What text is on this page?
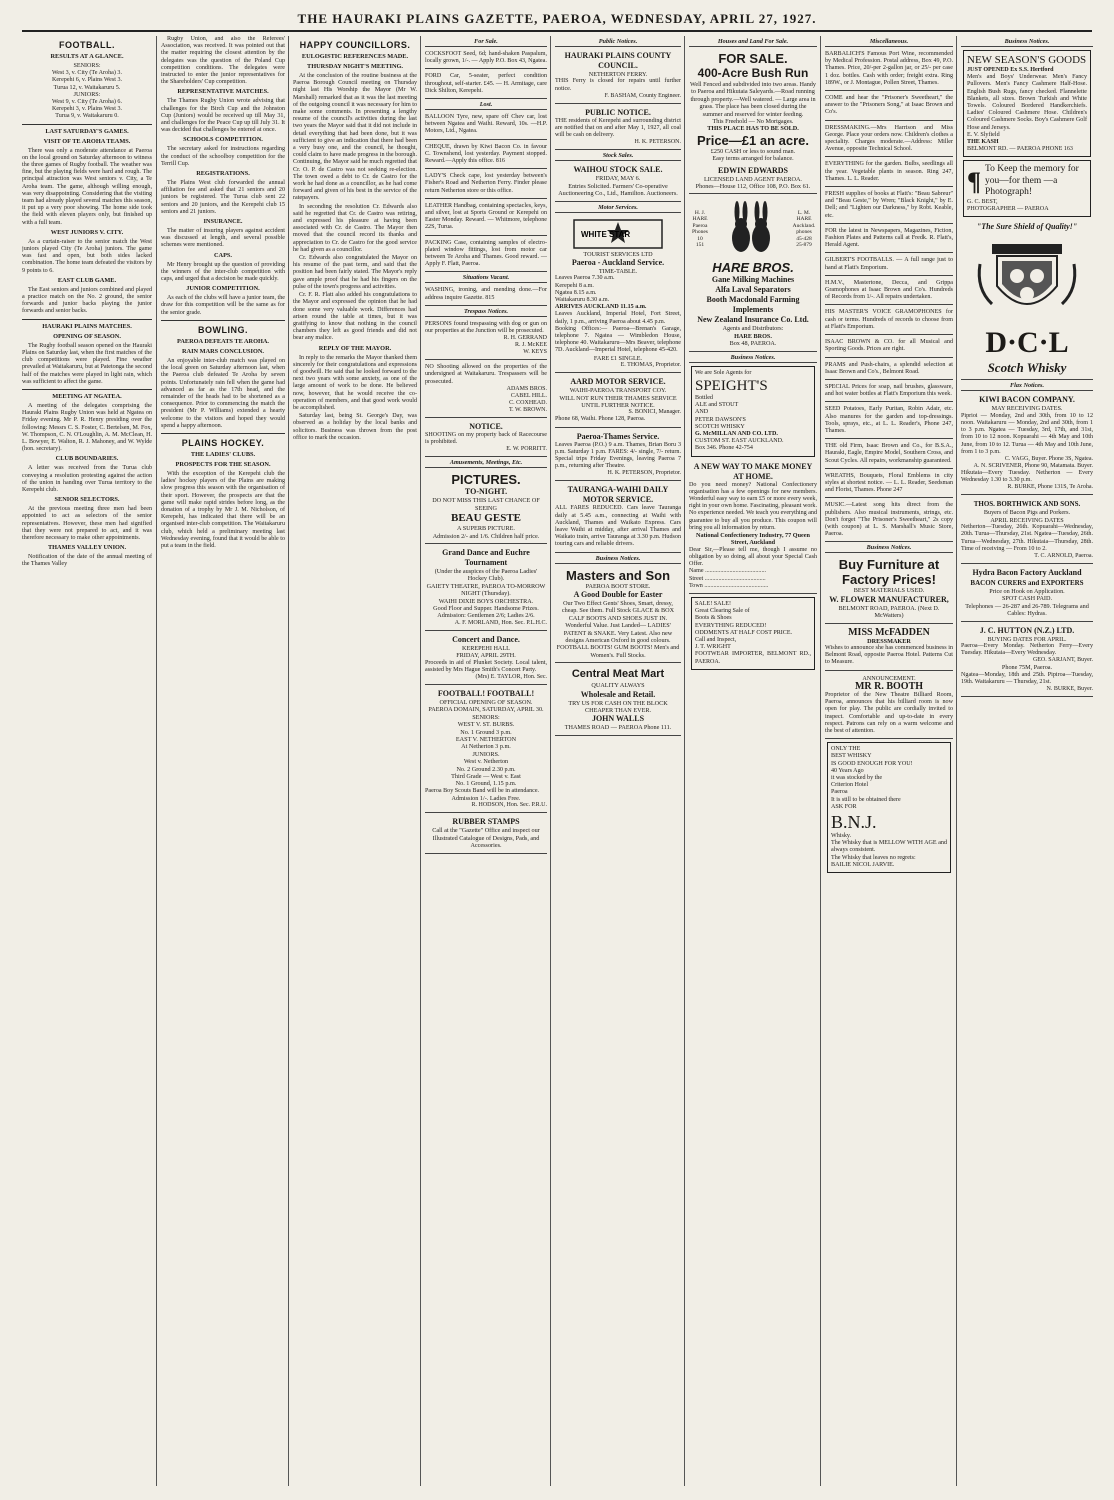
THE HAURAKI PLAINS GAZETTE, PAEROA, WEDNESDAY, APRIL 27, 1927.
FOOTBALL.
RESULTS AT A GLANCE.
SENIORS:
West 3, v. City (Te Aroha) 3.
Kerepehi 6, v. Plains West 3.
Turua 12, v. Waitakaruru 5.
JUNIORS:
West 9, v. City (Te Aroha) 6.
Kerepehi 3, v. Plains West 3.
Turua 9, v. Waitakaruru 0.
LAST SATURDAY'S GAMES.
VISIT OF TE AROHA TEAMS.

There was only a moderate attendance at Paeroa on the local ground on Saturday afternoon to witness the three games of Rugby football. The weather was fine, but the playing fields were hard and rough. The principal attraction was West seniors v. City, a Te Aroha team. The game, although willing enough, was very disappointing. Considering that the visiting team had already played several matches this season, it put up a very poor showing. The home side took the field with eleven players only, but finished up with a full team.

WEST JUNIORS V. CITY.

As a curtain-raiser to the senior match the West juniors played City (Te Aroha) juniors. The game was fast and open, but both sides lacked combination. The home team defeated the visitors by 9 points to 6.

EAST CLUB GAME.

The East seniors and juniors combined and played a practice match on the No. 2 ground, the senior forwards and junior backs playing the junior forwards and senior backs.

HAURAKI PLAINS MATCHES.
OPENING OF SEASON.

The Rugby football season opened on the Hauraki Plains on Saturday last, when the first matches of the club competitions were played. Fine weather prevailed at Waitakaruru, but at Patetonga the second half of the matches were played in light rain, which was sufficient to affect the game.

MEETING AT NGATEA.

A meeting of the delegates comprising the Hauraki Plains Rugby Union was held at Ngatea on Friday evening. Mr P. R. Henry presiding over the following: Messrs C. S. Foster, C. Bertelsen, M. Fox, W. Thompson, C. N. O'Loughlin, A. M. McClean, H. L. Bowyer, E. Walton, R. J. Mahoney, and W. Wylde (hon. secretary).

CLUB BOUNDARIES.

A letter was received from the Turua club conveying a resolution protesting against the action of the union in handing over Turua territory to the Kerepehi club.

SENIOR SELECTORS.

At the previous meeting three men had been appointed to act as selectors of the senior representatives. However, these men had signified that they were not prepared to act, and it was therefore necessary to make other appointments.

THAMES VALLEY UNION.

Notification of the date of the annual meeting of the Thames Valley

Rugby Union, and also the Referees' Association, was received. It was pointed out that the matter requiring the closest attention by the delegates was the question of the Poland Cup competition conditions. The delegates were instructed to enter the junior representatives for the Shareholders' Cup competition.

REPRESENTATIVE MATCHES.

The Thames Rugby Union wrote advising that challenges for the Birch Cup and the Johnston Cup (Juniors) would be received up till May 31, and challenges for the Peace Cup up till July 31. It was decided that challenges be entered at once.

SCHOOLS COMPETITION.

The secretary asked for instructions regarding the conduct of the schoolboy competition for the Terrill Cup.

REGISTRATIONS.

The Plains West club forwarded the annual affiliation fee and asked that 21 seniors and 20 juniors be registered. The Turua club sent 22 seniors and 20 juniors, and the Kerepehi club 15 seniors and 21 juniors.

INSURANCE.

The matter of insuring players against accident was discussed at length, and several possible schemes were mentioned.

CAPS.

Mr Henry brought up the question of providing the winners of the inter-club competition with caps, and urged that a decision be made quickly.

JUNIOR COMPETITION.

As each of the clubs will have a junior team, the draw for this competition will be the same as for the senior grade.

BOWLING.
PAEROA DEFEATS TE AROHA.
RAIN MARS CONCLUSION.

An enjoyable inter-club match was played on the local green on Saturday afternoon last, when the Paeroa club defeated Te Aroha by seven points. Unfortunately rain fell when the game had advanced as far as the 17th head, and the remainder of the heads had to be shortened as a consequence. Prior to commencing the match the president (Mr P. Williams) extended a hearty welcome to the visitors and hoped they would spend a happy afternoon.

PLAINS HOCKEY.
THE LADIES' CLUBS.
PROSPECTS FOR THE SEASON.

With the exception of the Kerepehi club the ladies' hockey players of the Plains are making slow progress this season with the organisation of their sport. However, the prospects are that the game will make rapid strides before long, as the donation of a trophy by Mr J. M. Nicholson, of Kerepehi, has indicated that there will be an organised inter-club competition. The Waitakaruru club, which held a preliminary meeting last Wednesday evening, found that it would be able to put a team in the field.

HAPPY COUNCILLORS.
EULOGISTIC REFERENCES MADE.
THURSDAY NIGHT'S MEETING.

At the conclusion of the routine business at the Paeroa Borough Council meeting on Thursday night last His Worship the Mayor (Mr W. Marshall) remarked that as it was the last meeting of the outgoing council it was necessary for him to make some comments. In presenting a lengthy resume of the council's activities during the last two years the Mayor said that it did not include in detail everything that had been done, but it was sufficient to give an indication that there had been a very busy one, and the council, he thought, could claim to have made progress in the borough. Continuing, the Mayor said he much regretted that Cr. O. P. de Castro was not seeking re-election. The town owed a debt to Cr. de Castro for the work he had done as a councillor, as he had come forward and given of his best in the service of the ratepayers.

In seconding the resolution Cr. Edwards also said he regretted that Cr. de Castro was retiring, and expressed his pleasure at having been associated with Cr. de Castro. The Mayor then moved that the council record its thanks and appreciation to Cr. de Castro for the good service he had given as a councillor.

Cr. Edwards also congratulated the Mayor on his resume of the past term, and said that the position had been fairly stated. The Mayor's reply gave ample proof that he had his fingers on the pulse of the town's progress and activities.

Cr. F. R. Flatt also added his congratulations to the Mayor and expressed the opinion that he had done some very valuable work. Differences had arisen round the table at times, but it was gratifying to know that nothing in the council chambers they left as good friends and did not bear any malice.

REPLY OF THE MAYOR.

In reply to the remarks the Mayor thanked them sincerely for their congratulations and expressions of goodwill. He said that he looked forward to the next two years with some anxiety, as one of the large amount of work to be done. He believed now, however, that he would receive the co-operation of members, and that good work would be accomplished.

Saturday last, being St. George's Day, was observed as a holiday by the local banks and solicitors. Business was thrown from the post office to mark the occasion.

For Sale.
COCKSFOOT Seed, 6d; hand-shaken Paspalum, locally grown, 1/-. — Apply P.O. Box 43, Ngatea.
FORD Car, 5-seater, perfect condition throughout, self-starter. £45. — H. Armitage, care Dick Shilton, Kerepehi.
Lost.
BALLOON Tyre, new, spare off Chev car, lost between Ngatea and Waihi. Reward, 10s. —H.P. Motors, Ltd., Ngatea.
CHEQUE, drawn by Kiwi Bacon Co. in favour C. Townshend, lost yesterday. Payment stopped. Reward.—Apply this office. 816
LADY'S Check cape, lost yesterday between's Fisher's Road and Netherton Ferry. Finder please return Netherton store or this office.
LEATHER Handbag, containing spectacles, keys, and silver, lost at Sports Ground or Kerepehi on Easter Monday. Reward. — Whitmore, telephone 22S, Turua.
PACKING Case, containing samples of electro-plated window fittings, lost from motor car between Te Aroha and Thames. Good reward. — Apply F. Flatt, Paeroa.
Situations Vacant.
WASHING, ironing, and mending done.—For address inquire Gazette. 815
Trespass Notices.
PERSONS found trespassing with dog or gun on our properties at the Junction will be prosecuted.
R. H. GERRAND
R. J. McKEE
W. KEYS
NO Shooting allowed on the properties of the undersigned at Waitakaruru. Trespassers will be prosecuted.
ADAMS BROS.
CABEL HILL.
C. COXHEAD.
T. W. BROWN.
NOTICE.
SHOOTING on my property back of Racecourse is prohibited.
E. W. PORRITT.
Amusements, Meetings, Etc.
PICTURES.
TO-NIGHT.
DO NOT MISS THIS LAST CHANCE OF SEEING
BEAU GESTE
A SUPERB PICTURE.
Admission 2/- and 1/6. Children half price.
Grand Dance and Euchre Tournament
(Under the auspices of the Paeroa Ladies' Hockey Club).
GAIETY THEATRE, PAEROA TO-MORROW NIGHT (Thursday).
WAIHI DIXIE BOYS ORCHESTRA.
Good Floor and Supper. Handsome Prizes.
Admission: Gentlemen 2/6; Ladies 2/6.
A. F. MORLAND, Hon. Sec. P.L.H.C.
Concert and Dance.
KEREPEHI HALL
FRIDAY, APRIL 29TH.
Proceeds in aid of Plunket Society. Local talent, assisted by Mrs Hague Smith's Concert Party.
(Mrs) E. TAYLOR, Hon. Sec.
FOOTBALL! FOOTBALL!
OFFICIAL OPENING OF SEASON.
PAEROA DOMAIN, SATURDAY, APRIL 30.
SENIORS:
WEST V. ST. BURBS.
No. 1 Ground 3 p.m.
EAST V. NETHERTON
At Netherton 3 p.m.
JUNIORS.
West v. Netherton
No. 2 Ground 2.30 p.m.
Third Grade — West v. East
No. 1 Ground, 1.15 p.m.
Paeroa Boy Scouts Band will be in attendance.
Admission 1/-. Ladies Free.
R. HODSON, Hon. Sec. P.R.U.
RUBBER STAMPS
Call at the "Gazette" Office and inspect our Illustrated Catalogue of Designs, Pads, and Accessories.
Public Notices.
HAURAKI PLAINS COUNTY COUNCIL.
NETHERTON FERRY.
THIS Ferry is closed for repairs until further notice.
F. BASHAM, County Engineer.
PUBLIC NOTICE.
THE residents of Kerepehi and surrounding district are notified that on and after May 1, 1927, all coal will be cash on delivery.
H. K. PETERSON.
Stock Sales.
WAIHOU STOCK SALE.
FRIDAY, MAY 6.
Entries Solicited. Farmers' Co-operative Auctioneering Co., Ltd., Hamilton. Auctioneers.
Motor Services.
WHITE STAR
TOURIST SERVICES LTD
Paeroa - Auckland Service.
TIME-TABLE.
Leaves Paeroa 7.30 a.m.
Kerepehi 8 a.m.
Ngatea 8.15 a.m.
Waitakaruru 8.30 a.m.
ARRIVES AUCKLAND 11.15 a.m.
Leaves Auckland, Imperial Hotel, Fort Street, daily, 1 p.m., arriving Paeroa about 4.45 p.m.
Booking Offices:— Paeroa—Brenan's Garage, telephone 7. Ngatea — Wimbledon House, telephone 40. Waitakaruru—Mrs Beaver, telephone 7D. Auckland—Imperial Hotel, telephone 45-420.
FARE £1 SINGLE.
E. THOMAS, Proprietor.
AARD MOTOR SERVICE.
WAIHI-PAEROA TRANSPORT COY.
WILL NOT RUN THEIR THAMES SERVICE UNTIL FURTHER NOTICE.
S. BONICI, Manager.
Phone 68, Waihi. Phone 128, Paeroa.
Paeroa-Thames Service.
Leaves Paeroa (P.O.) 9 a.m. Thames, Brian Boru 3 p.m. Saturday 1 p.m. FARES: 4/- single, 7/- return. Special trips Friday Evenings, leaving Paeroa 7 p.m., returning after Theatre.
H. K. PETERSON, Proprietor.
TAURANGA-WAIHI DAILY MOTOR SERVICE.
ALL FARES REDUCED. Cars leave Tauranga daily at 5.45 a.m., connecting at Waihi with Auckland, Thames and Waikato Express. Cars leave Waihi at midday, after arrival Thames and Waikato train, arrive Tauranga at 3.30 p.m. Hudson touring cars and reliable drivers.
Business Notices.
Masters and Son
PAEROA BOOT STORE.
A Good Double for Easter
Our Two Effect Gents' Shoes, Smart, dressy, cheap. See them. Full Stock GLACE & BOX CALF BOOTS AND SHOES JUST IN. Wonderful Value. Just Landed— LADIES' PATENT & SNAKE. Very Latest. Also new designs American Oxford in good colours. FOOTBALL BOOTS! GUM BOOTS! Men's and Women's. Full Stocks.
Central Meat Mart
QUALITY ALWAYS
Wholesale and Retail.
TRY US FOR CASH ON THE BLOCK CHEAPER THAN EVER.
JOHN WALLS
THAMES ROAD — PAEROA Phone 111.
Houses and Land For Sale.
FOR SALE.
400-Acre Bush Run
Well Fenced and subdivided into two areas. Handy to Paeroa and Hikutaia Saleyards.—Road running through property.—Well watered. — Large area in grass. The place has been closed during the summer and reserved for winter feeding.
This Freehold — No Mortgages.
THIS PLACE HAS TO BE SOLD.
Price—£1 an acre.
£250 CASH or less to sound man.
Easy terms arranged for balance.
EDWIN EDWARDS
LICENSED LAND AGENT PAEROA.
Phones—House 112, Office 108, P.O. Box 61.
H. J. HARE
Paeroa
Phones
10
151
L. M. HARE
Auckland.
phones
45-428
25-879
HARE BROS.
Gane Milking Machines
Alfa Laval Separators
Booth Macdonald Farming Implements
New Zealand Insurance Co. Ltd.
Agents and Distributors:
HARE BROS.
Box 48, PAEROA.
Business Notices.
We are Sole Agents for
SPEIGHT'S
Bottled
ALE and STOUT
AND
PETER DAWSON'S
SCOTCH WHISKY
G. McMILLAN AND CO. LTD.
CUSTOM ST. EAST AUCKLAND.
Box 346. Phone 42-754
A NEW WAY TO MAKE MONEY AT HOME.
Do you need money? National Confectionery organisation has a few openings for new members. Wonderful easy way to earn £5 or more every week, right in your own home. Fascinating, pleasant work. No experience needed. We teach you everything and guarantee to buy all you produce. This coupon will bring you all information by return.
National Confectionery Industry, 77 Queen Street, Auckland
Dear Sir,—Please tell me, though I assume no obligation by so doing, all about your Special Cash Offer.
Name ........................................
Street ........................................
Town ..........................................
SALE! SALE!
Great Clearing Sale of
Boots & Shoes
EVERYTHING REDUCED!
ODDMENTS AT HALF COST PRICE.
Call and Inspect,
J. T. WRIGHT
FOOTWEAR IMPORTER, BELMONT RD., PAEROA.
Miscellaneous.
BARBALICH'S Famous Port Wine, recommended by Medical Profession. Postal address, Box 49, P.O. Thames. Price, 20/-per 2-gallon jar, or 25/- per case 1 doz. bottles. Cash with order; freight extra. Ring 189W., or J. Montague, Pollen Street, Thames.
COME and hear the "Prisoner's Sweetheart," the answer to the "Prisoners Song," at Isaac Brown and Co's.
DRESSMAKING.—Mrs Harrison and Miss George. Place your orders now. Children's clothes a speciality. Charges moderate.—Address: Miller Avenue, opposite Technical School.
EVERYTHING for the garden. Bulbs, seedlings all the year. Vegetable plants in season. Ring 247, Thames. L. L. Reader.
FRESH supplies of books at Flatt's: "Beau Sabreur" and "Beau Geste," by Wren; "Black Knight," by E. Dell; and "Lighten our Darkness," by Robt. Keable, etc.
FOR the latest in Newspapers, Magazines, Fiction, Fashion Plates and Patterns call at Fredk. R. Flatt's, Herald Agent.
GILBERT'S FOOTBALLS. — A full range just to hand at Flatt's Emporium.
H.M.V., Mastertone, Decca, and Grippa Gramophones at Isaac Brown and Co's. Hundreds of Records from 1/-. All repairs undertaken.
HIS MASTER'S VOICE GRAMOPHONES for cash or terms. Hundreds of records to choose from at Flatt's Emporium.
ISAAC BROWN & CO. for all Musical and Sporting Goods. Prices are right.
PRAMS and Push-chairs, a splendid selection at Isaac Brown and Co's., Belmont Road.
SPECIAL Prices for soap, nail brushes, glassware, and hot water bottles at Flatt's Emporium this week.
SEED Potatoes, Early Puritan, Robin Adair, etc. Also manures for the garden and top-dressings. Tools, sprays, etc., at L. L. Reader's, Phone 247, Thames.
THE old Firm, Isaac Brown and Co., for B.S.A., Hauraki, Eagle, Empire Model, Southern Cross, and Scout Cycles. All repairs, workmanship guaranteed.
WREATHS, Bouquets, Floral Emblems in city styles at shortest notice. — L. L. Reader, Seedsman and Florist, Thames. Phone 247
MUSIC.—Latest song hits direct from the publishers. Also musical instruments, strings, etc. Don't forget "The Prisoner's Sweetheart," 2s copy (with coupon) at L. S. Marshall's Music Store, Paeroa.
Business Notices.
Buy Furniture at Factory Prices!
BEST MATERIALS USED.
W. FLOWER MANUFACTURER,
BELMONT ROAD, PAEROA. (Next D. McWatters)
MISS McFADDEN
DRESSMAKER
Wishes to announce she has commenced business in Belmont Road, opposite Paeroa Hotel. Patterns Cut to Measure.
ANNOUNCEMENT.
MR R. BOOTH
Proprietor of the New Theatre Billiard Room, Paeroa, announces that his billiard room is now open for play. The public are cordially invited to inspect. Comfortable and up-to-date in every respect. Patrons can rely on a warm welcome and the best of attention.
ONLY THE
BEST WHISKY
IS GOOD ENOUGH FOR YOU!
40 Years Ago
it was stocked by the
Criterion Hotel
Paeroa
It is still to be obtained there
ASK FOR
B.N.J.
Whisky.
The Whisky that is MELLOW WITH AGE and always consistent.
The Whisky that leaves no regrets:
BAILIE NICOL JARVIE.
Business Notices.
NEW SEASON'S GOODS
JUST OPENED Ex S.S. Hertford
Men's and Boys' Underwear. Men's Fancy Pullovers. Men's Fancy Cashmere Half-Hose. English Bush Rugs, fancy checked. Flannelette Blankets, all sizes. Brown Turkish and White Towels. Coloured Bordered Handkerchiefs. Ladies' Coloured Cashmere Hose. Children's Coloured Cashmere Socks. Boy's Cashmere Golf Hose and Jerseys.
E. V. Slyfield
THE KASH
BELMONT RD. — PAEROA PHONE 163
¶ To Keep the memory for you—for them —a Photograph!
G. C. BEST,
PHOTOGRAPHER — PAEROA
"The Sure Shield of Quality!"
D·C·L
Scotch Whisky
Flax Notices.
KIWI BACON COMPANY.
MAY RECEIVING DATES.
Piprioi — Monday, 2nd and 30th, from 10 to 12 noon. Waitakaruru — Monday, 2nd and 30th, from 1 to 3 p.m. Ngatea — Tuesday, 3rd, 17th, and 31st, from 10 to 12 noon. Kopuarahi — 4th May and 10th June, from 10 to 12. Turua — 4th May and 10th June, from 1 to 3 p.m.
C. VAGG, Buyer. Phone 3S, Ngatea.
A. N. SCRIVENER, Phone 90, Matamata. Buyer.
Hikutaia—Every Tuesday. Netherton — Every Wednesday 1.30 to 3.30 p.m.
R. BURKE, Phone 131S, Te Aroha.
THOS. BORTHWICK AND SONS.
Buyers of Bacon Pigs and Porkers.
APRIL RECEIVING DATES
Netherton—Tuesday, 26th. Kopuarahi—Wednesday, 20th. Turua—Thursday, 21st. Ngatea—Tuesday, 26th. Turua—Wednesday, 27th. Hikutaia—Thursday, 28th. Time of receiving — From 10 to 2.
T. C. ARNOLD, Paeroa.
Hydra Bacon Factory Auckland
BACON CURERS and EXPORTERS
Price on Hook on Application.
SPOT CASH PAID.
Telephones — 26-287 and 26-789. Telegrams and Cables: Hydras.
J. C. HUTTON (N.Z.) LTD.
BUYING DATES FOR APRIL.
Paeroa—Every Monday. Netherton Ferry—Every Tuesday. Hikutaia—Every Wednesday.
GEO. SARJANT, Buyer.
Phone 75M, Paeroa.
Ngatea—Monday, 18th and 25th. Pipiroa—Tuesday, 19th. Waitakaruru — Thursday, 21st.
N. BURKE, Buyer.
